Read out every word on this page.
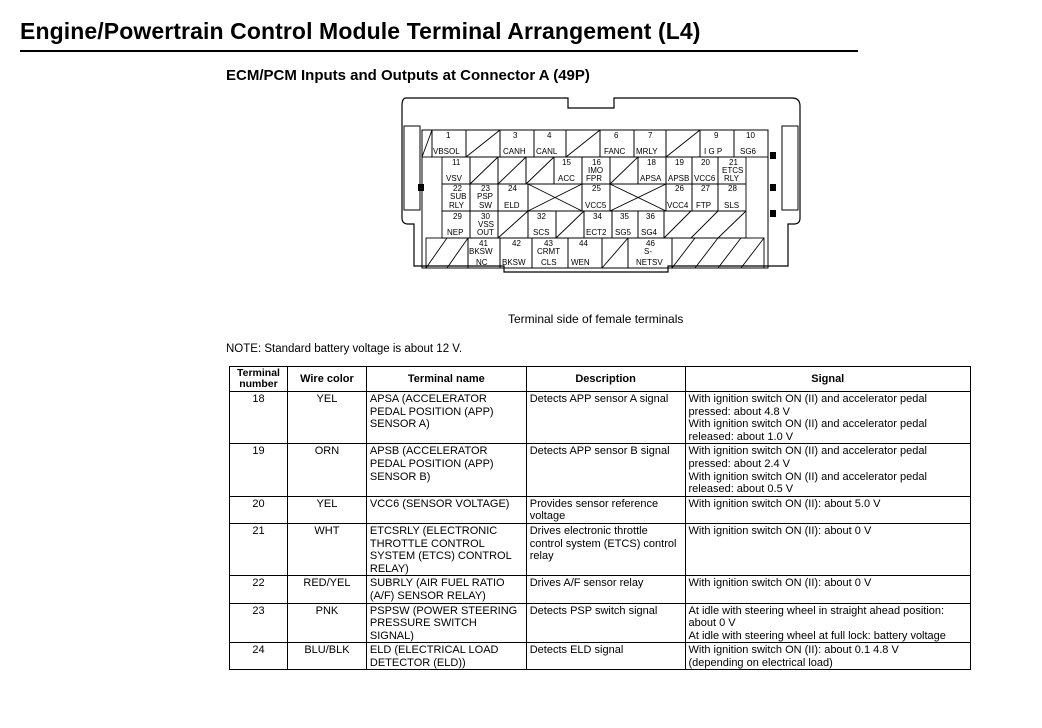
Engine/Powertrain Control Module Terminal Arrangement (L4)
ECM/PCM Inputs and Outputs at Connector A (49P)
1
VBSOL
3
CANH
4
CANL
6
FANC
7
MRLY
9
I G P
10
SG6
11
VSV
15
ACC
16
IMO
FPR
18
APSA
19
APSB
20
VCC6
21
ETCS
RLY
22
SUB
RLY
23
PSP
SW
24
ELD
25
VCC5
26
VCC4
27
FTP
28
SLS
29
NEP
30
VSS
OUT
32
SCS
34
ECT2
35
SG5
36
SG4
41
BKSW
NC
42
BKSW
43
CRMT
CLS
44
WEN
46
S-
NETSV
Terminal side of female terminals
NOTE: Standard battery voltage is about 12 V.
Terminal number	Wire color	Terminal name	Description	Signal
18	YEL	APSA (ACCELERATOR PEDAL POSITION (APP) SENSOR A)	Detects APP sensor A signal	With ignition switch ON (II) and accelerator pedal pressed: about 4.8 V
With ignition switch ON (II) and accelerator pedal released: about 1.0 V
19	ORN	APSB (ACCELERATOR PEDAL POSITION (APP) SENSOR B)	Detects APP sensor B signal	With ignition switch ON (II) and accelerator pedal pressed: about 2.4 V
With ignition switch ON (II) and accelerator pedal released: about 0.5 V
20	YEL	VCC6 (SENSOR VOLTAGE)	Provides sensor reference voltage	With ignition switch ON (II): about 5.0 V
21	WHT	ETCSRLY (ELECTRONIC THROTTLE CONTROL SYSTEM (ETCS) CONTROL RELAY)	Drives electronic throttle control system (ETCS) control relay	With ignition switch ON (II): about 0 V
22	RED/YEL	SUBRLY (AIR FUEL RATIO (A/F) SENSOR RELAY)	Drives A/F sensor relay	With ignition switch ON (II): about 0 V
23	PNK	PSPSW (POWER STEERING PRESSURE SWITCH SIGNAL)	Detects PSP switch signal	At idle with steering wheel in straight ahead position: about 0 V
At idle with steering wheel at full lock: battery voltage
24	BLU/BLK	ELD (ELECTRICAL LOAD DETECTOR (ELD))	Detects ELD signal	With ignition switch ON (II): about 0.1 4.8 V
(depending on electrical load)
